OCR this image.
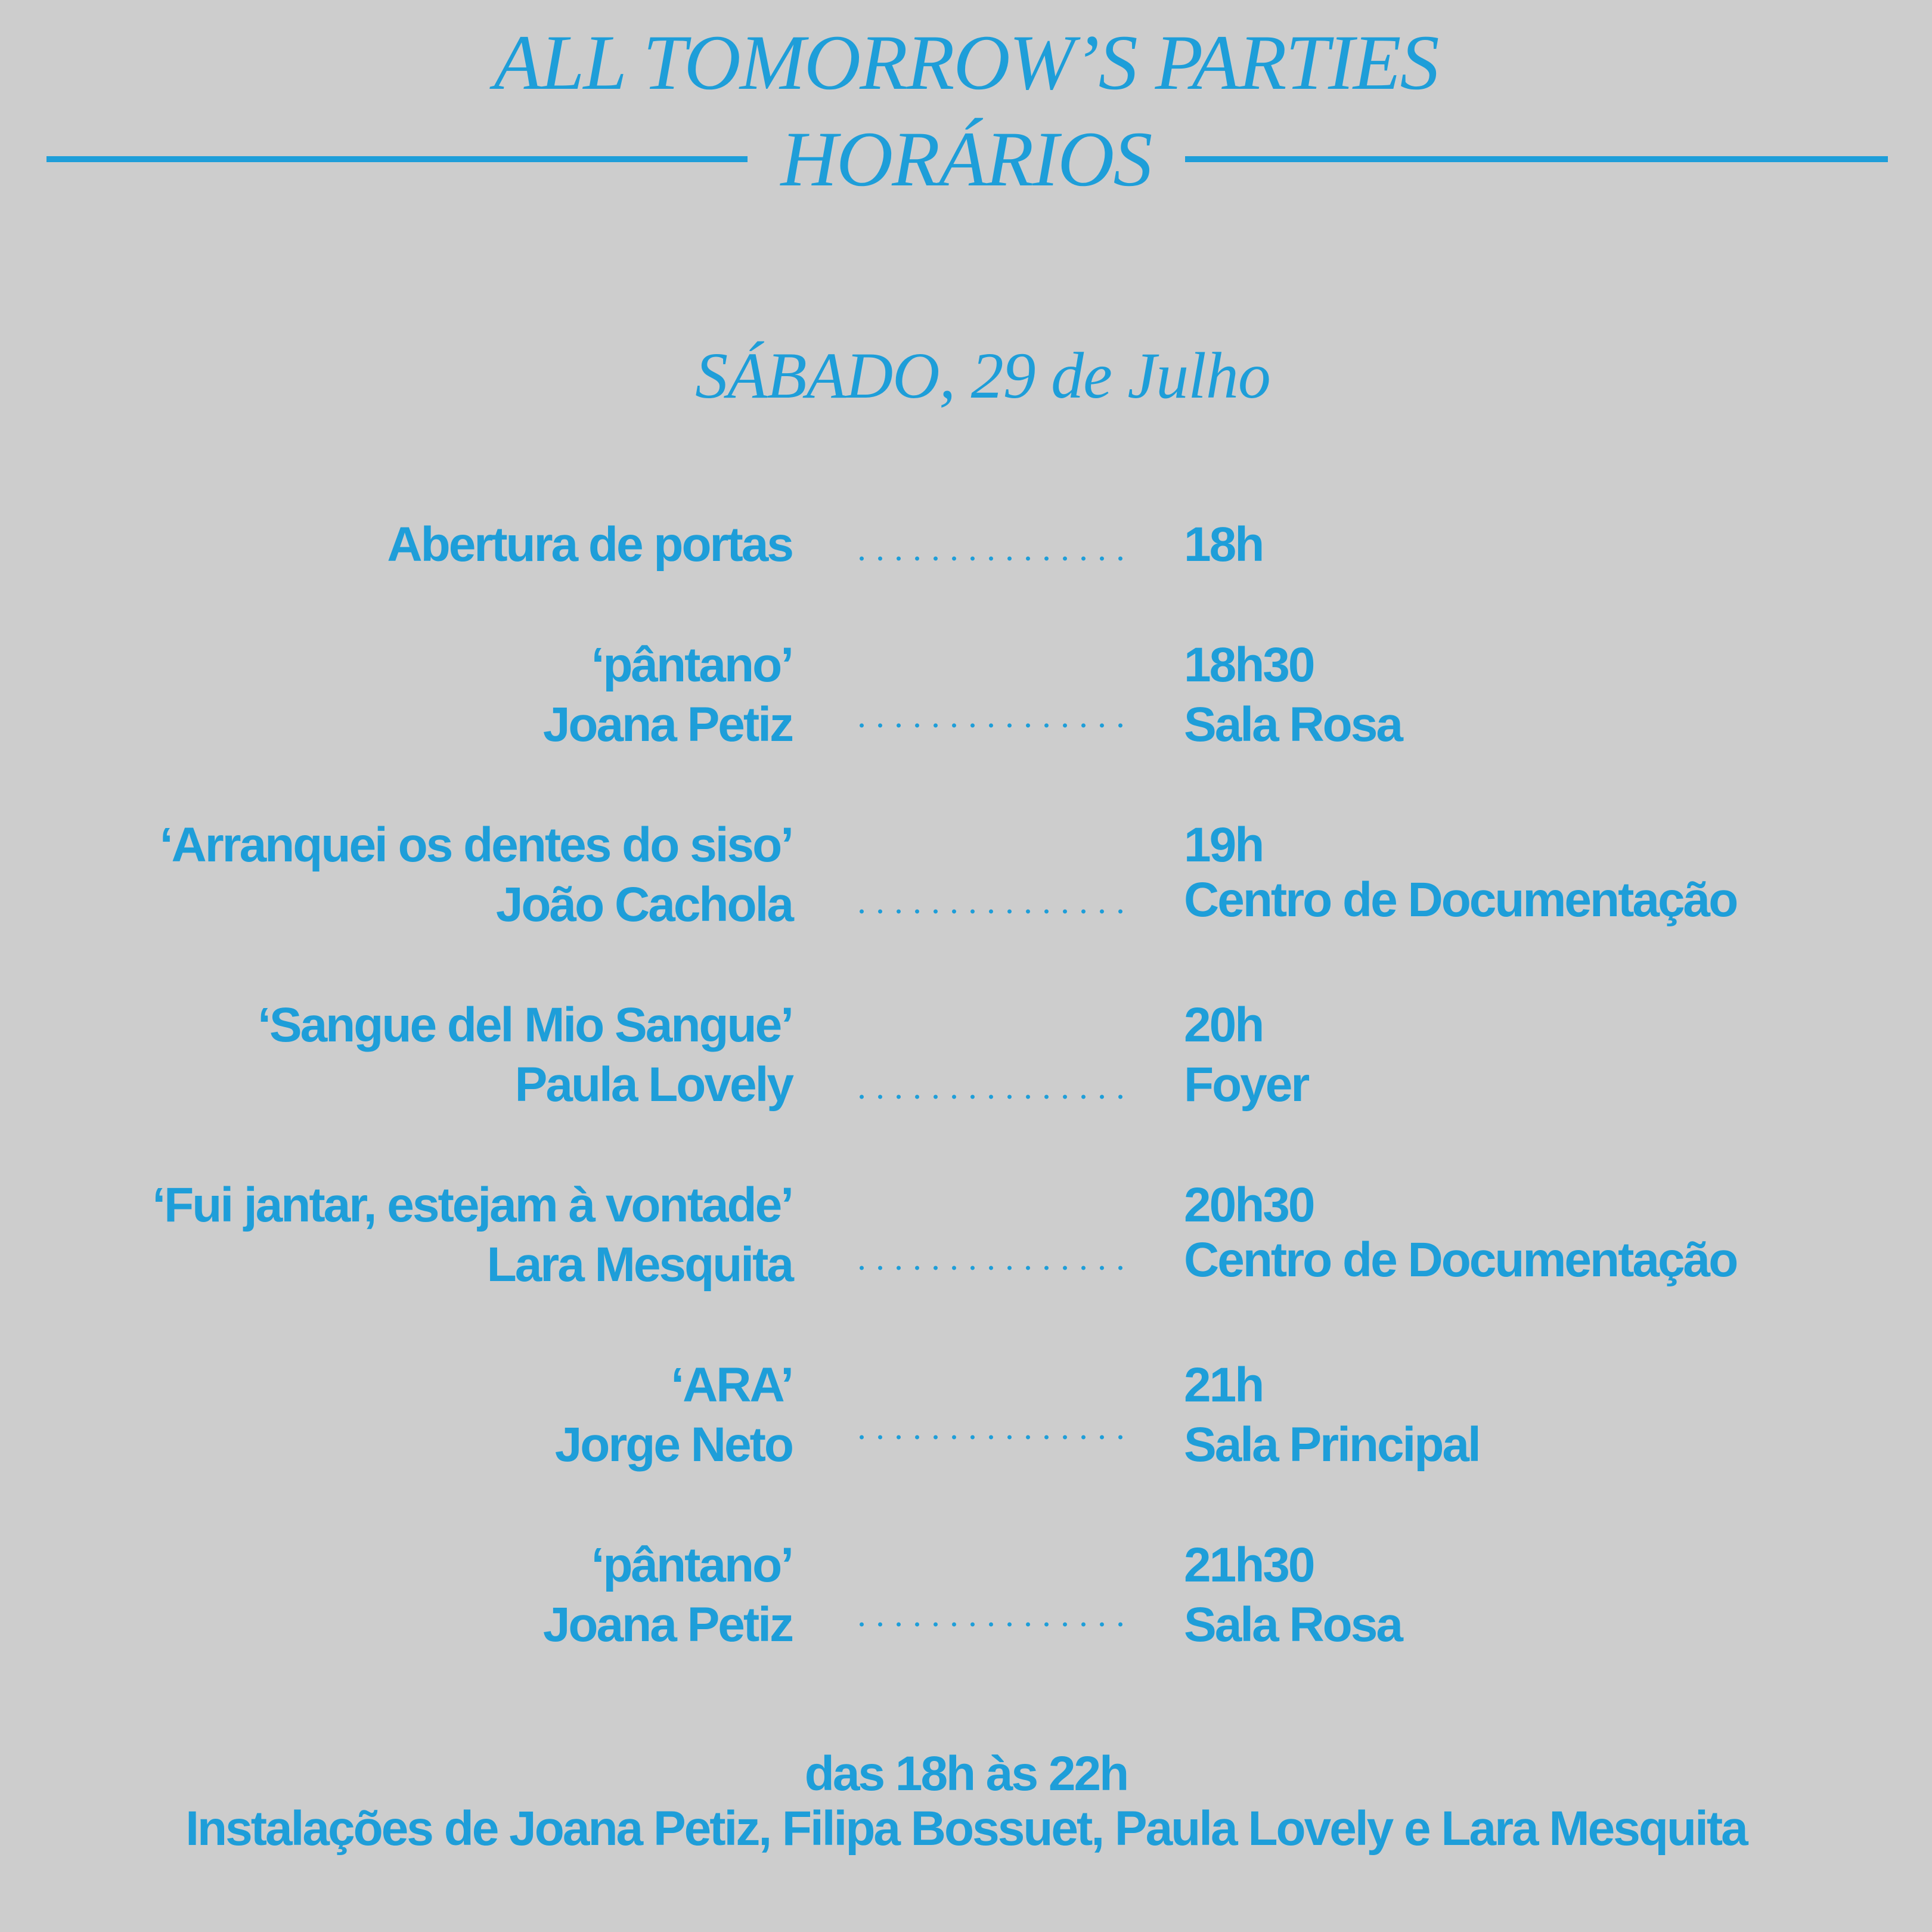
ALL TOMORROW’S PARTIES
HORÁRIOS
SÁBADO, 29 de Julho
Abertura de portas	18h
‘pântano’
Joana Petiz
18h30
Sala Rosa
‘Arranquei os dentes do siso’
João Cachola
19h
Centro de Documentação
‘Sangue del Mio Sangue’
Paula Lovely
20h
Foyer
‘Fui jantar, estejam à vontade’
Lara Mesquita
20h30
Centro de Documentação
‘ARA’
Jorge Neto
21h
Sala Principal
‘pântano’
Joana Petiz
21h30
Sala Rosa
das 18h às 22h
Instalações de Joana Petiz, Filipa Bossuet, Paula Lovely e Lara Mesquita
